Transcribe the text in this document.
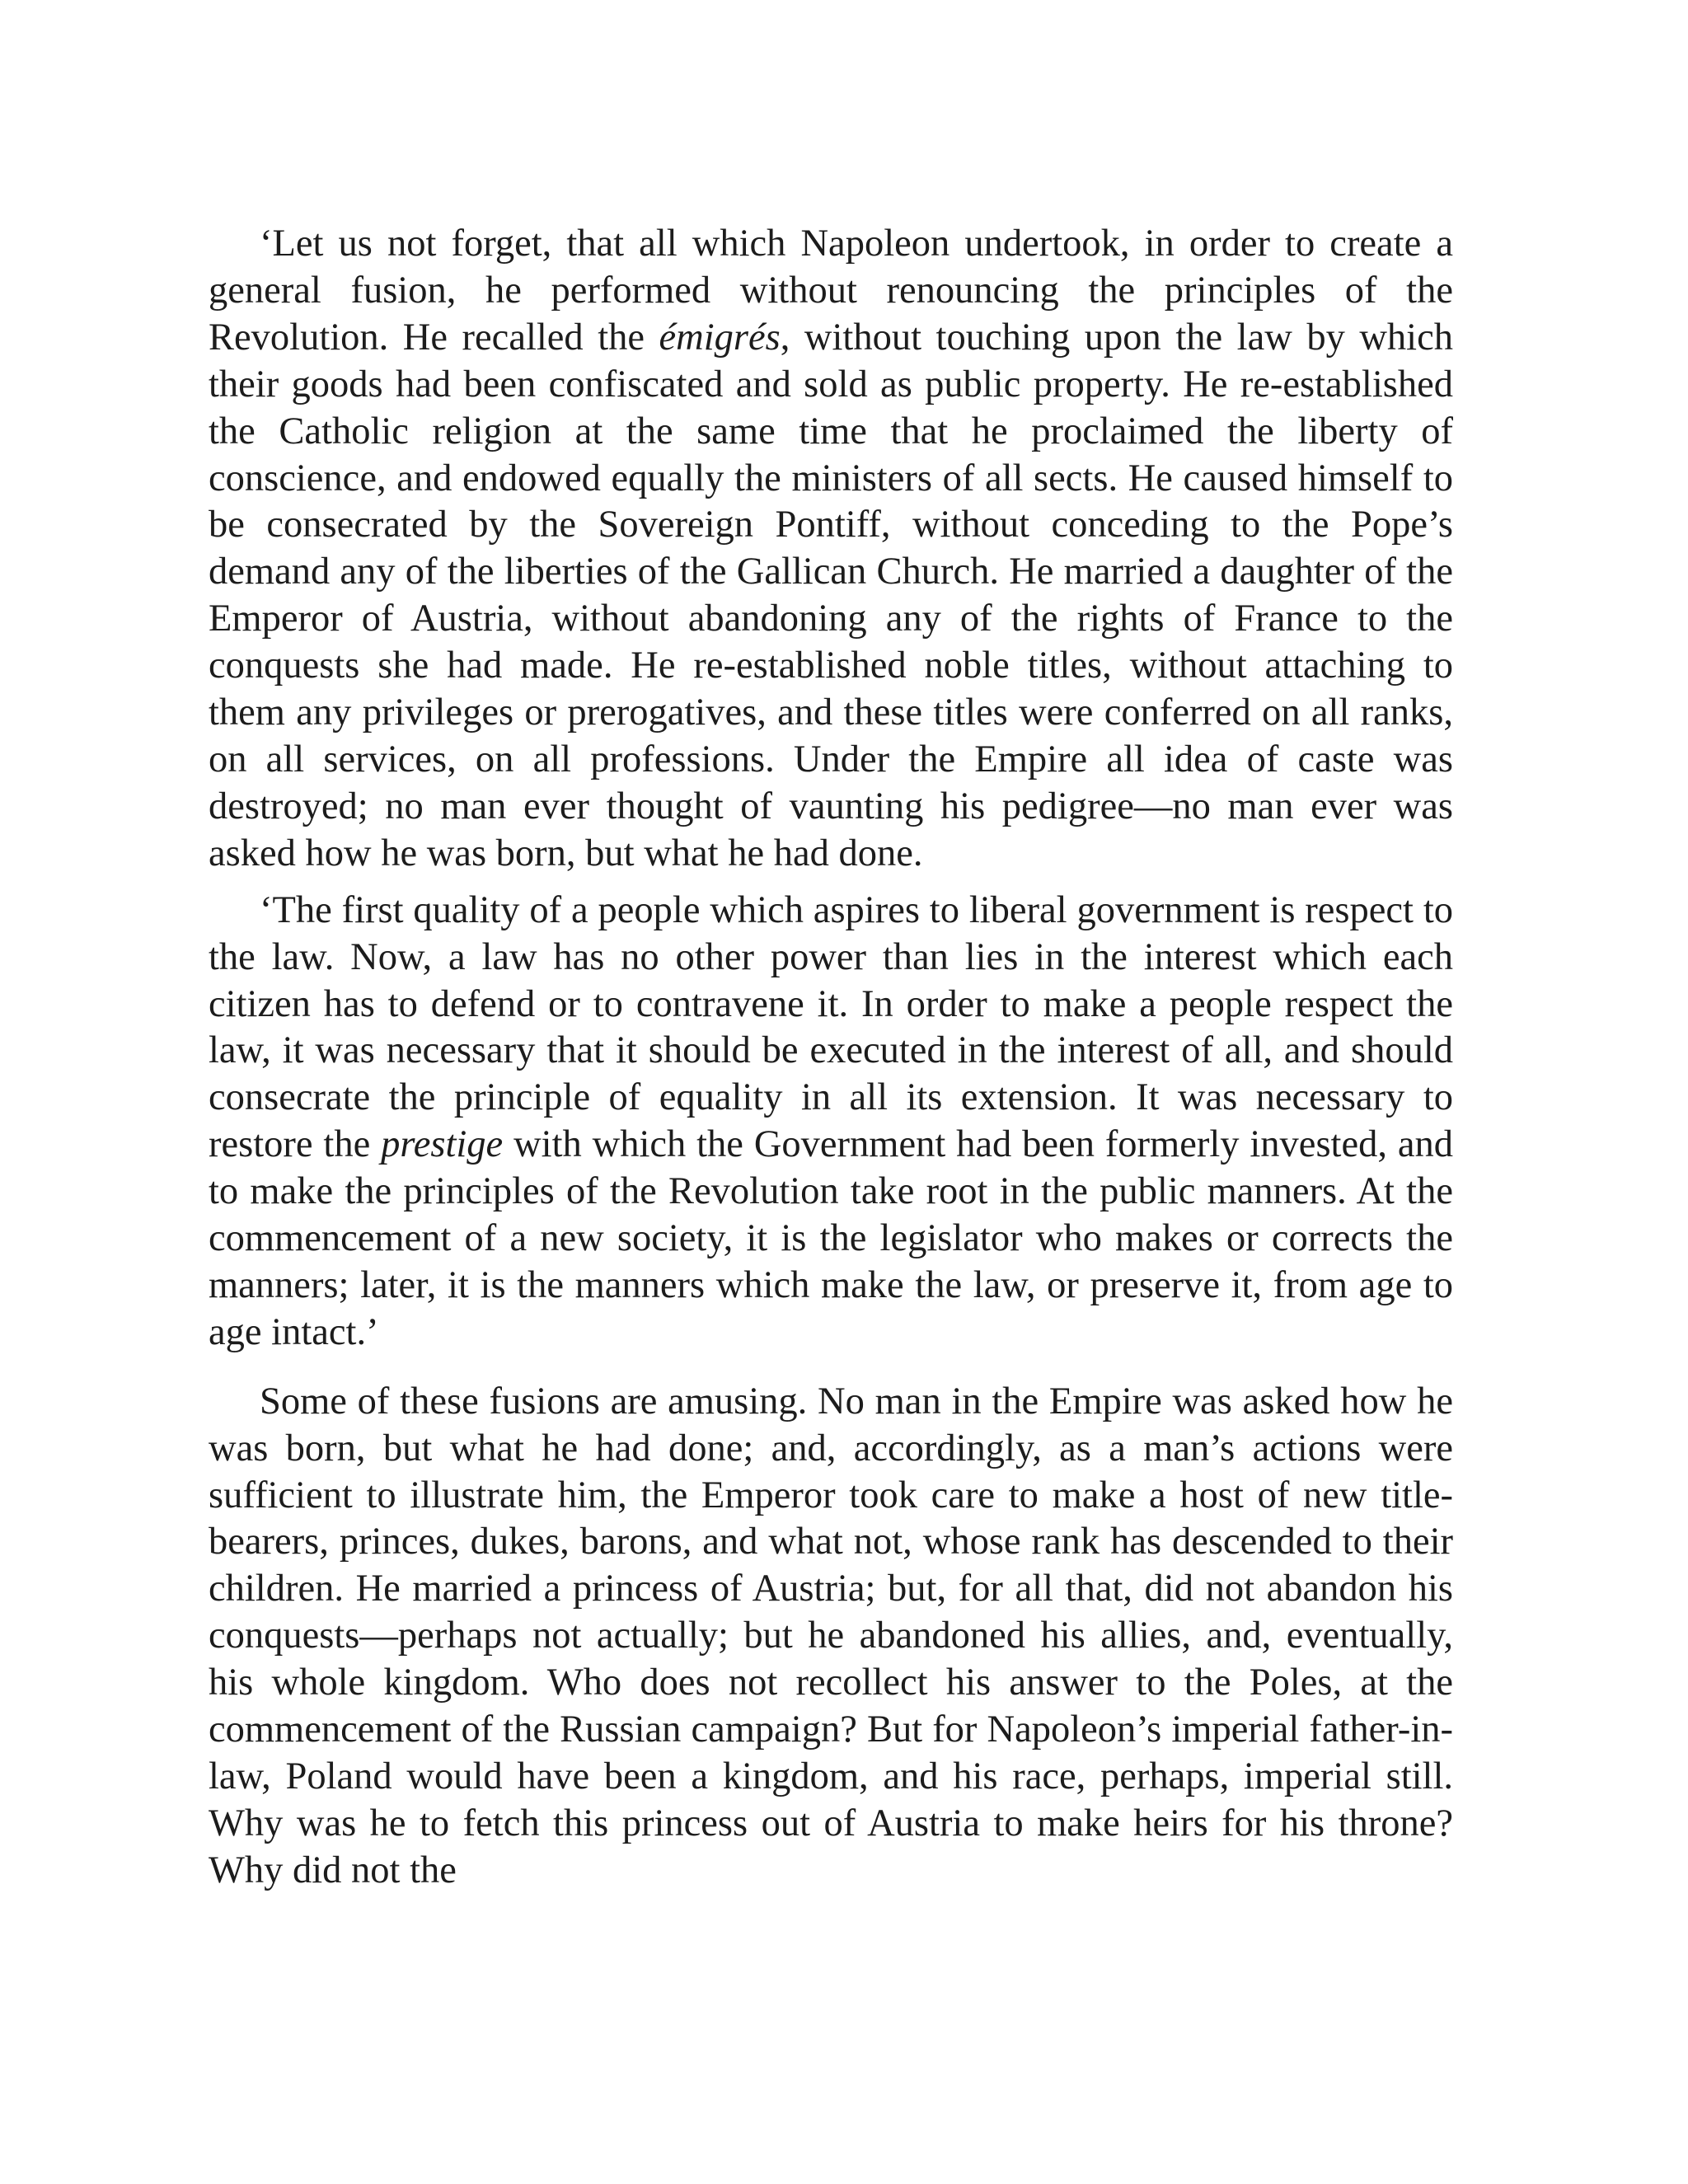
‘Let us not forget, that all which Napoleon undertook, in order to create a general fusion, he performed without renouncing the principles of the Revolution. He recalled the émigrés, without touching upon the law by which their goods had been confiscated and sold as public property. He re-established the Catholic religion at the same time that he proclaimed the liberty of conscience, and endowed equally the ministers of all sects. He caused himself to be consecrated by the Sovereign Pontiff, without conceding to the Pope’s demand any of the liberties of the Gallican Church. He married a daughter of the Emperor of Austria, without abandoning any of the rights of France to the conquests she had made. He re-established noble titles, without attaching to them any privileges or prerogatives, and these titles were conferred on all ranks, on all services, on all professions. Under the Empire all idea of caste was destroyed; no man ever thought of vaunting his pedigree—no man ever was asked how he was born, but what he had done.

‘The first quality of a people which aspires to liberal government is respect to the law. Now, a law has no other power than lies in the interest which each citizen has to defend or to contravene it. In order to make a people respect the law, it was necessary that it should be executed in the interest of all, and should consecrate the principle of equality in all its extension. It was necessary to restore the prestige with which the Government had been formerly invested, and to make the principles of the Revolution take root in the public manners. At the commencement of a new society, it is the legislator who makes or corrects the manners; later, it is the manners which make the law, or preserve it, from age to age intact.’

Some of these fusions are amusing. No man in the Empire was asked how he was born, but what he had done; and, accordingly, as a man’s actions were sufficient to illustrate him, the Emperor took care to make a host of new title-bearers, princes, dukes, barons, and what not, whose rank has descended to their children. He married a princess of Austria; but, for all that, did not abandon his conquests—perhaps not actually; but he abandoned his allies, and, eventually, his whole kingdom. Who does not recollect his answer to the Poles, at the commencement of the Russian campaign? But for Napoleon’s imperial father-in-law, Poland would have been a kingdom, and his race, perhaps, imperial still. Why was he to fetch this princess out of Austria to make heirs for his throne? Why did not the
